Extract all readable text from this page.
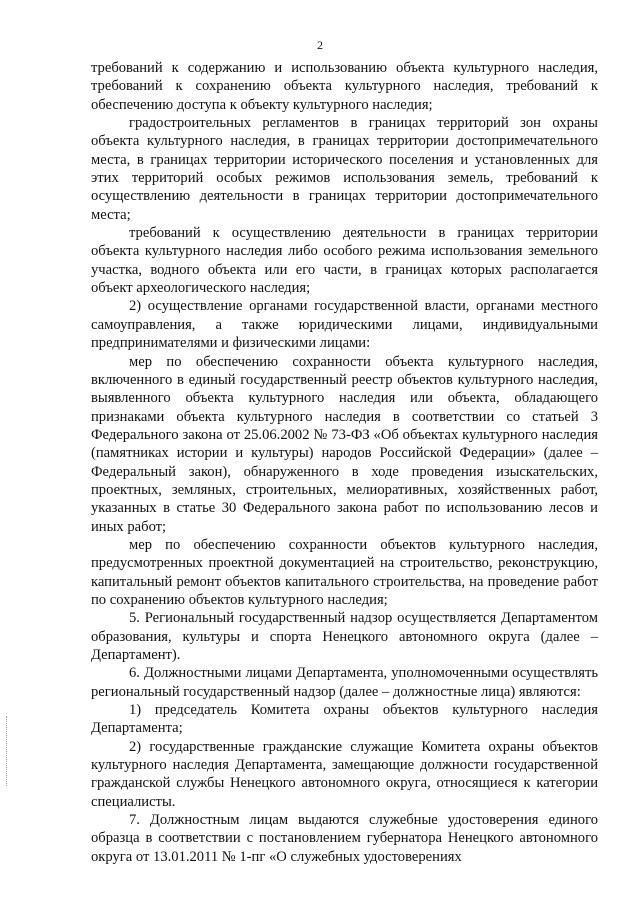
2

требований к содержанию и использованию объекта культурного наследия, требований к сохранению объекта культурного наследия, требований к обеспечению доступа к объекту культурного наследия;

градостроительных регламентов в границах территорий зон охраны объекта культурного наследия, в границах территории достопримечательного места, в границах территории исторического поселения и установленных для этих территорий особых режимов использования земель, требований к осуществлению деятельности в границах территории достопримечательного места;

требований к осуществлению деятельности в границах территории объекта культурного наследия либо особого режима использования земельного участка, водного объекта или его части, в границах которых располагается объект археологического наследия;

2) осуществление органами государственной власти, органами местного самоуправления, а также юридическими лицами, индивидуальными предпринимателями и физическими лицами:

мер по обеспечению сохранности объекта культурного наследия, включенного в единый государственный реестр объектов культурного наследия, выявленного объекта культурного наследия или объекта, обладающего признаками объекта культурного наследия в соответствии со статьей 3 Федерального закона от 25.06.2002 № 73-ФЗ «Об объектах культурного наследия (памятниках истории и культуры) народов Российской Федерации» (далее – Федеральный закон), обнаруженного в ходе проведения изыскательских, проектных, земляных, строительных, мелиоративных, хозяйственных работ, указанных в статье 30 Федерального закона работ по использованию лесов и иных работ;

мер по обеспечению сохранности объектов культурного наследия, предусмотренных проектной документацией на строительство, реконструкцию, капитальный ремонт объектов капитального строительства, на проведение работ по сохранению объектов культурного наследия;

5. Региональный государственный надзор осуществляется Департаментом образования, культуры и спорта Ненецкого автономного округа (далее – Департамент).

6. Должностными лицами Департамента, уполномоченными осуществлять региональный государственный надзор (далее – должностные лица) являются:

1) председатель Комитета охраны объектов культурного наследия Департамента;

2) государственные гражданские служащие Комитета охраны объектов культурного наследия Департамента, замещающие должности государственной гражданской службы Ненецкого автономного округа, относящиеся к категории специалисты.

7. Должностным лицам выдаются служебные удостоверения единого образца в соответствии с постановлением губернатора Ненецкого автономного округа от 13.01.2011 № 1-пг «О служебных удостоверениях
